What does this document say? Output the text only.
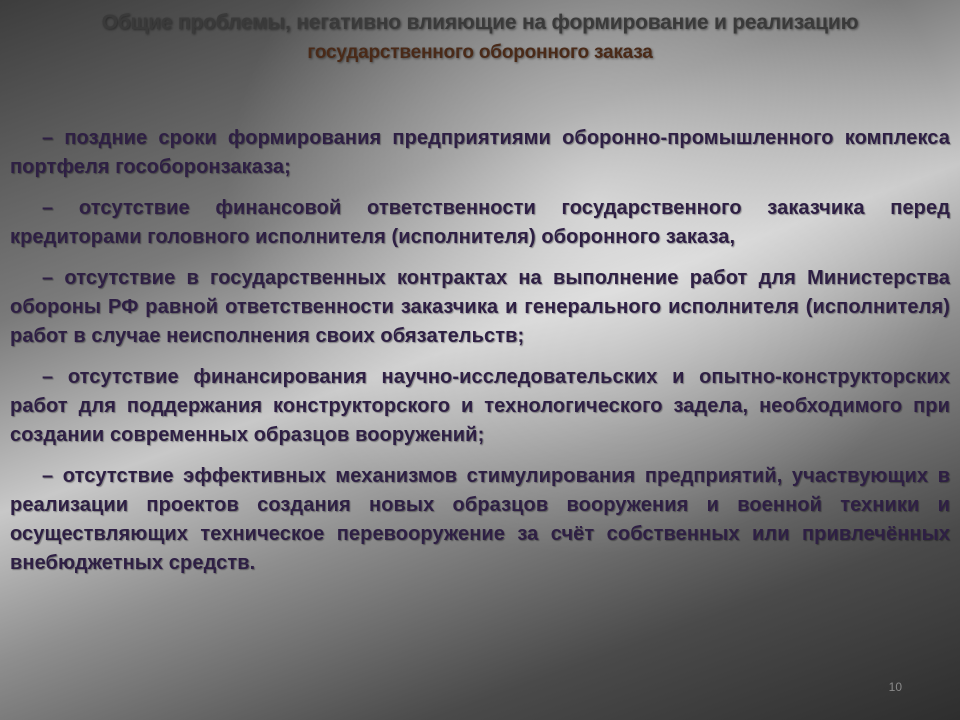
Общие проблемы, негативно влияющие на формирование и реализацию
государственного оборонного заказа

– поздние сроки формирования предприятиями оборонно-промышленного комплекса портфеля гособоронзаказа;

– отсутствие финансовой ответственности государственного заказчика перед кредиторами головного исполнителя (исполнителя) оборонного заказа,

– отсутствие в государственных контрактах на выполнение работ для Министерства обороны РФ равной ответственности заказчика и генерального исполнителя (исполнителя) работ в случае неисполнения своих обязательств;

– отсутствие финансирования научно-исследовательских и опытно-конструкторских работ для поддержания конструкторского и технологического задела, необходимого при создании современных образцов вооружений;

– отсутствие эффективных механизмов стимулирования предприятий, участвующих в реализации проектов создания новых образцов вооружения и военной техники и осуществляющих техническое перевооружение за счёт собственных или привлечённых внебюджетных средств.

10
